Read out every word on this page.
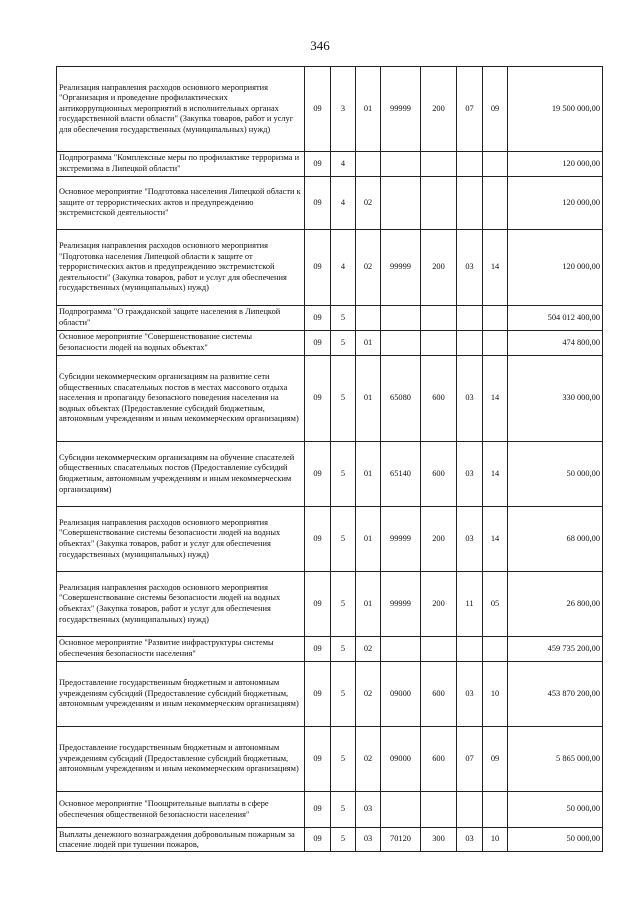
346
Реализация направления расходов основного мероприятия "Организация и проведение профилактических антикоррупционных мероприятий в исполнительных органах государственной власти области" (Закупка товаров, работ и услуг для обеспечения государственных (муниципальных) нужд)	09	3	01	99999	200	07	09	19 500 000,00
Подпрограмма "Комплексные меры по профилактике терроризма и экстремизма в Липецкой области"	09	4						120 000,00
Основное мероприятие "Подготовка населения Липецкой области к защите от террористических актов и предупреждению экстремистской деятельности"	09	4	02					120 000,00
Реализация направления расходов основного мероприятия "Подготовка населения Липецкой области к защите от террористических актов и предупреждению экстремистской деятельности" (Закупка товаров, работ и услуг для обеспечения государственных (муниципальных) нужд)	09	4	02	99999	200	03	14	120 000,00
Подпрограмма "О гражданской защите населения в Липецкой области"	09	5						504 012 400,00
Основное мероприятие "Совершенствование системы безопасности людей на водных объектах"	09	5	01					474 800,00
Субсидии некоммерческим организациям на развитие сети общественных спасательных постов в местах массового отдыха населения и пропаганду безопасного поведения населения на водных объектах (Предоставление субсидий бюджетным, автономным учреждениям и иным некоммерческим организациям)	09	5	01	65080	600	03	14	330 000,00
Субсидии некоммерческим организациям на обучение спасателей общественных спасательных постов (Предоставление субсидий бюджетным, автономным учреждениям и иным некоммерческим организациям)	09	5	01	65140	600	03	14	50 000,00
Реализация направления расходов основного мероприятия "Совершенствование системы безопасности людей на водных объектах" (Закупка товаров, работ и услуг для обеспечения государственных (муниципальных) нужд)	09	5	01	99999	200	03	14	68 000,00
Реализация направления расходов основного мероприятия "Совершенствование системы безопасности людей на водных объектах" (Закупка товаров, работ и услуг для обеспечения государственных (муниципальных) нужд)	09	5	01	99999	200	11	05	26 800,00
Основное мероприятие "Развитие инфраструктуры системы обеспечения безопасности населения"	09	5	02					459 735 200,00
Предоставление государственным бюджетным и автономным учреждениям субсидий (Предоставление субсидий бюджетным, автономным учреждениям и иным некоммерческим организациям)	09	5	02	09000	600	03	10	453 870 200,00
Предоставление государственным бюджетным и автономным учреждениям субсидий (Предоставление субсидий бюджетным, автономным учреждениям и иным некоммерческим организациям)	09	5	02	09000	600	07	09	5 865 000,00
Основное мероприятие "Поощрительные выплаты в сфере обеспечения общественной безопасности населения"	09	5	03					50 000,00

Выплаты денежного вознаграждения добровольным пожарным за спасение людей при тушении пожаров,	09	5	03	70120	300	03	10	50 000,00
